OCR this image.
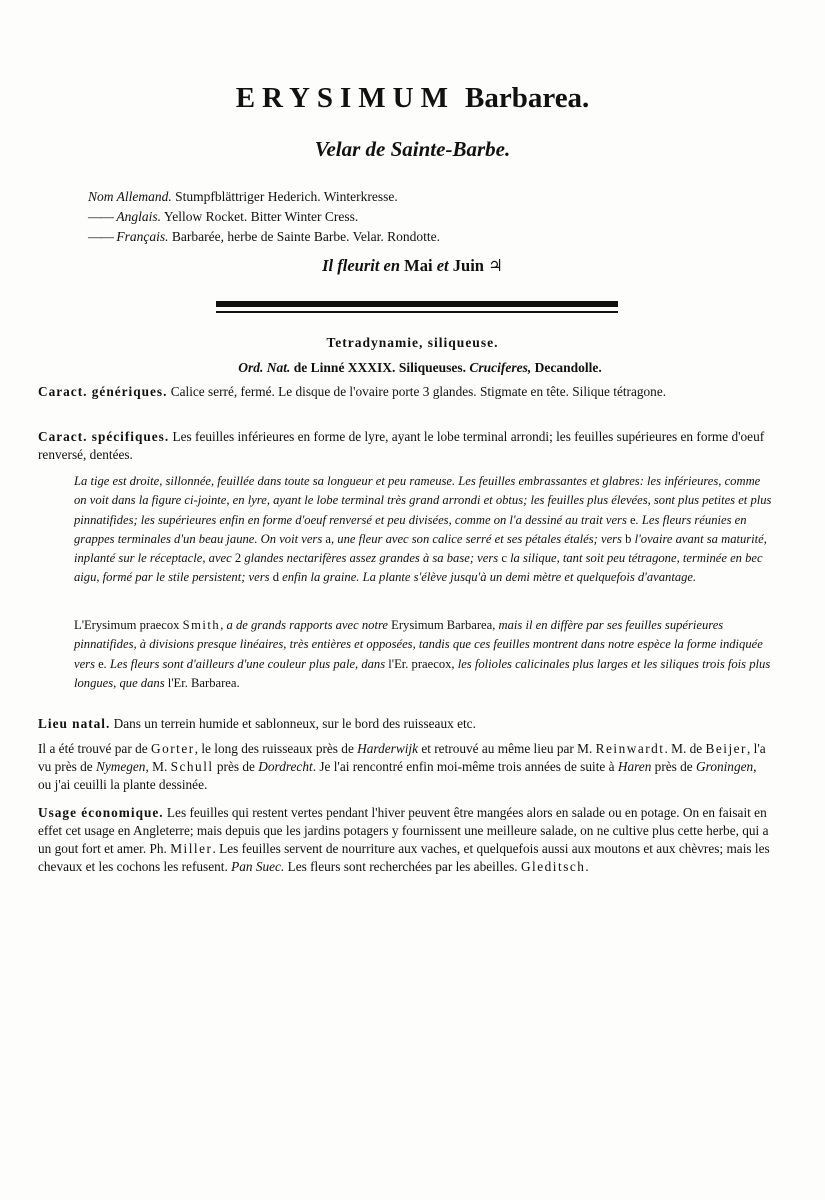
ERYSIMUM Barbarea.
Velar de Sainte-Barbe.
Nom Allemand. Stumpfblättriger Hederich. Winterkresse.
—— Anglais. Yellow Rocket. Bitter Winter Cress.
—— Français. Barbarée, herbe de Sainte Barbe. Velar. Rondotte.
Il fleurit en Mai et Juin ♃
Tetradynamie, siliqueuse.
Ord. Nat. de Linné XXXIX. Siliqueuses. Cruciferes, Decandolle.

Caract. génériques. Calice serré, fermé. Le disque de l'ovaire porte 3 glandes. Stigmate en tête. Silique tétragone.

Caract. spécifiques. Les feuilles inférieures en forme de lyre, ayant le lobe terminal arrondi; les feuilles supérieures en forme d'oeuf renversé, dentées.

La tige est droite, sillonnée, feuillée dans toute sa longueur et peu rameuse. Les feuilles embrassantes et glabres: les inférieures, comme on voit dans la figure ci-jointe, en lyre, ayant le lobe terminal très grand arrondi et obtus; les feuilles plus élevées, sont plus petites et plus pinnatifides; les supérieures enfin en forme d'oeuf renversé et peu divisées, comme on l'a dessiné au trait vers e. Les fleurs réunies en grappes terminales d'un beau jaune. On voit vers a, une fleur avec son calice serré et ses pétales étalés; vers b l'ovaire avant sa maturité, inplanté sur le réceptacle, avec 2 glandes nectarifères assez grandes à sa base; vers c la silique, tant soit peu tétragone, terminée en bec aigu, formé par le stile persistent; vers d enfin la graine. La plante s'élève jusqu'à un demi mètre et quelquefois d'avantage.

L'Erysimum praecox Smith, a de grands rapports avec notre Erysimum Barbarea, mais il en diffère par ses feuilles supérieures pinnatifides, à divisions presque linéaires, très entières et opposées, tandis que ces feuilles montrent dans notre espèce la forme indiquée vers e. Les fleurs sont d'ailleurs d'une couleur plus pale, dans l'Er. praecox, les folioles calicinales plus larges et les siliques trois fois plus longues, que dans l'Er. Barbarea.

Lieu natal. Dans un terrein humide et sablonneux, sur le bord des ruisseaux etc.

Il a été trouvé par de Gorter, le long des ruisseaux près de Harderwijk et retrouvé au même lieu par M. Reinwardt. M. de Beijer, l'a vu près de Nymegen, M. Schull près de Dordrecht. Je l'ai rencontré enfin moi-même trois années de suite à Haren près de Groningen, ou j'ai ceuilli la plante dessinée.

Usage économique. Les feuilles qui restent vertes pendant l'hiver peuvent être mangées alors en salade ou en potage. On en faisait en effet cet usage en Angleterre; mais depuis que les jardins potagers y fournissent une meilleure salade, on ne cultive plus cette herbe, qui a un gout fort et amer. Ph. Miller. Les feuilles servent de nourriture aux vaches, et quelquefois aussi aux moutons et aux chèvres; mais les chevaux et les cochons les refusent. Pan Suec. Les fleurs sont recherchées par les abeilles. Gleditsch.
